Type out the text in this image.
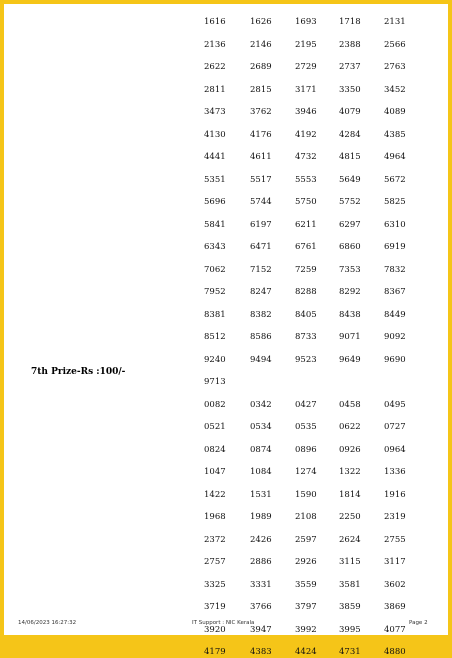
7th Prize-Rs :100/-
1616	1626	1693	1718	2131
2136	2146	2195	2388	2566
2622	2689	2729	2737	2763
2811	2815	3171	3350	3452
3473	3762	3946	4079	4089
4130	4176	4192	4284	4385
4441	4611	4732	4815	4964
5351	5517	5553	5649	5672
5696	5744	5750	5752	5825
5841	6197	6211	6297	6310
6343	6471	6761	6860	6919
7062	7152	7259	7353	7832
7952	8247	8288	8292	8367
8381	8382	8405	8438	8449
8512	8586	8733	9071	9092
9240	9494	9523	9649	9690
9713
0082	0342	0427	0458	0495
0521	0534	0535	0622	0727
0824	0874	0896	0926	0964
1047	1084	1274	1322	1336
1422	1531	1590	1814	1916
1968	1989	2108	2250	2319
2372	2426	2597	2624	2755
2757	2886	2926	3115	3117
3325	3331	3559	3581	3602
3719	3766	3797	3859	3869
3920	3947	3992	3995	4077
4179	4383	4424	4731	4880
14/06/2023 16:27:32	IT Support : NIC Kerala	Page 2
